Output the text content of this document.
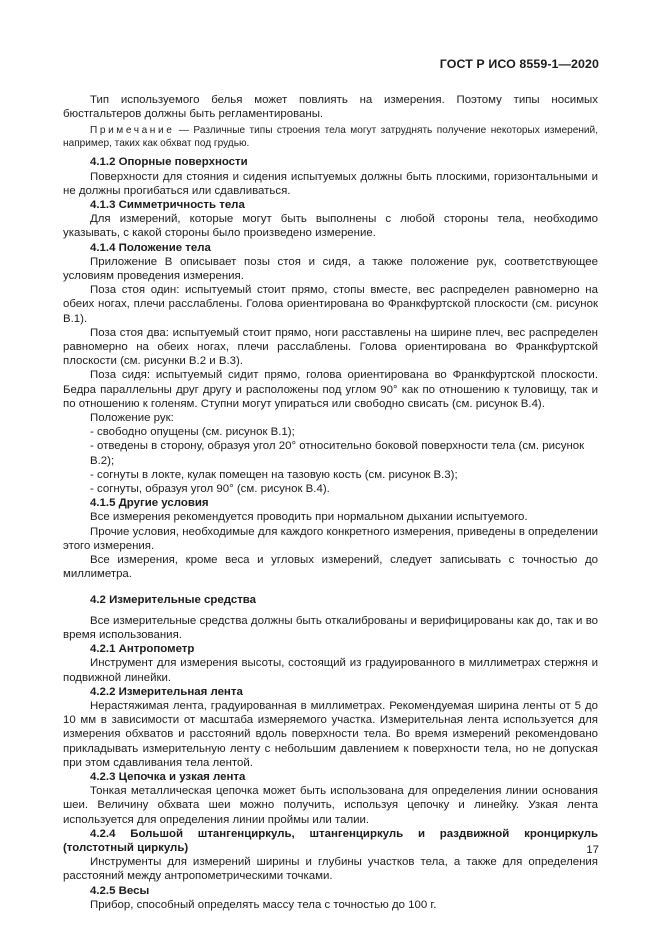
ГОСТ Р ИСО 8559-1—2020

Тип используемого белья может повлиять на измерения. Поэтому типы носимых бюстгальтеров должны быть регламентированы.

Примечание — Различные типы строения тела могут затруднять получение некоторых измерений, например, таких как обхват под грудью.

4.1.2 Опорные поверхности

Поверхности для стояния и сидения испытуемых должны быть плоскими, горизонтальными и не должны прогибаться или сдавливаться.

4.1.3 Симметричность тела

Для измерений, которые могут быть выполнены с любой стороны тела, необходимо указывать, с какой стороны было произведено измерение.

4.1.4 Положение тела

Приложение В описывает позы стоя и сидя, а также положение рук, соответствующее условиям проведения измерения.

Поза стоя один: испытуемый стоит прямо, стопы вместе, вес распределен равномерно на обеих ногах, плечи расслаблены. Голова ориентирована во Франкфуртской плоскости (см. рисунок В.1).

Поза стоя два: испытуемый стоит прямо, ноги расставлены на ширине плеч, вес распределен равномерно на обеих ногах, плечи расслаблены. Голова ориентирована во Франкфуртской плоскости (см. рисунки В.2 и В.3).

Поза сидя: испытуемый сидит прямо, голова ориентирована во Франкфуртской плоскости. Бедра параллельны друг другу и расположены под углом 90° как по отношению к туловищу, так и по отношению к голеням. Ступни могут упираться или свободно свисать (см. рисунок В.4).

Положение рук:

- свободно опущены (см. рисунок В.1);

- отведены в сторону, образуя угол 20° относительно боковой поверхности тела (см. рисунок В.2);

- согнуты в локте, кулак помещен на тазовую кость (см. рисунок В.3);

- согнуты, образуя угол 90° (см. рисунок В.4).

4.1.5 Другие условия

Все измерения рекомендуется проводить при нормальном дыхании испытуемого.

Прочие условия, необходимые для каждого конкретного измерения, приведены в определении этого измерения.

Все измерения, кроме веса и угловых измерений, следует записывать с точностью до миллиметра.

4.2 Измерительные средства

Все измерительные средства должны быть откалиброваны и верифицированы как до, так и во время использования.

4.2.1 Антропометр

Инструмент для измерения высоты, состоящий из градуированного в миллиметрах стержня и подвижной линейки.

4.2.2 Измерительная лента

Нерастяжимая лента, градуированная в миллиметрах. Рекомендуемая ширина ленты от 5 до 10 мм в зависимости от масштаба измеряемого участка. Измерительная лента используется для измерения обхватов и расстояний вдоль поверхности тела. Во время измерений рекомендовано прикладывать измерительную ленту с небольшим давлением к поверхности тела, но не допуская при этом сдавливания тела лентой.

4.2.3 Цепочка и узкая лента

Тонкая металлическая цепочка может быть использована для определения линии основания шеи. Величину обхвата шеи можно получить, используя цепочку и линейку. Узкая лента используется для определения линии проймы или талии.

4.2.4 Большой штангенциркуль, штангенциркуль и раздвижной кронциркуль (толстотный циркуль)

Инструменты для измерений ширины и глубины участков тела, а также для определения расстояний между антропометрическими точками.

4.2.5 Весы

Прибор, способный определять массу тела с точностью до 100 г.

17
